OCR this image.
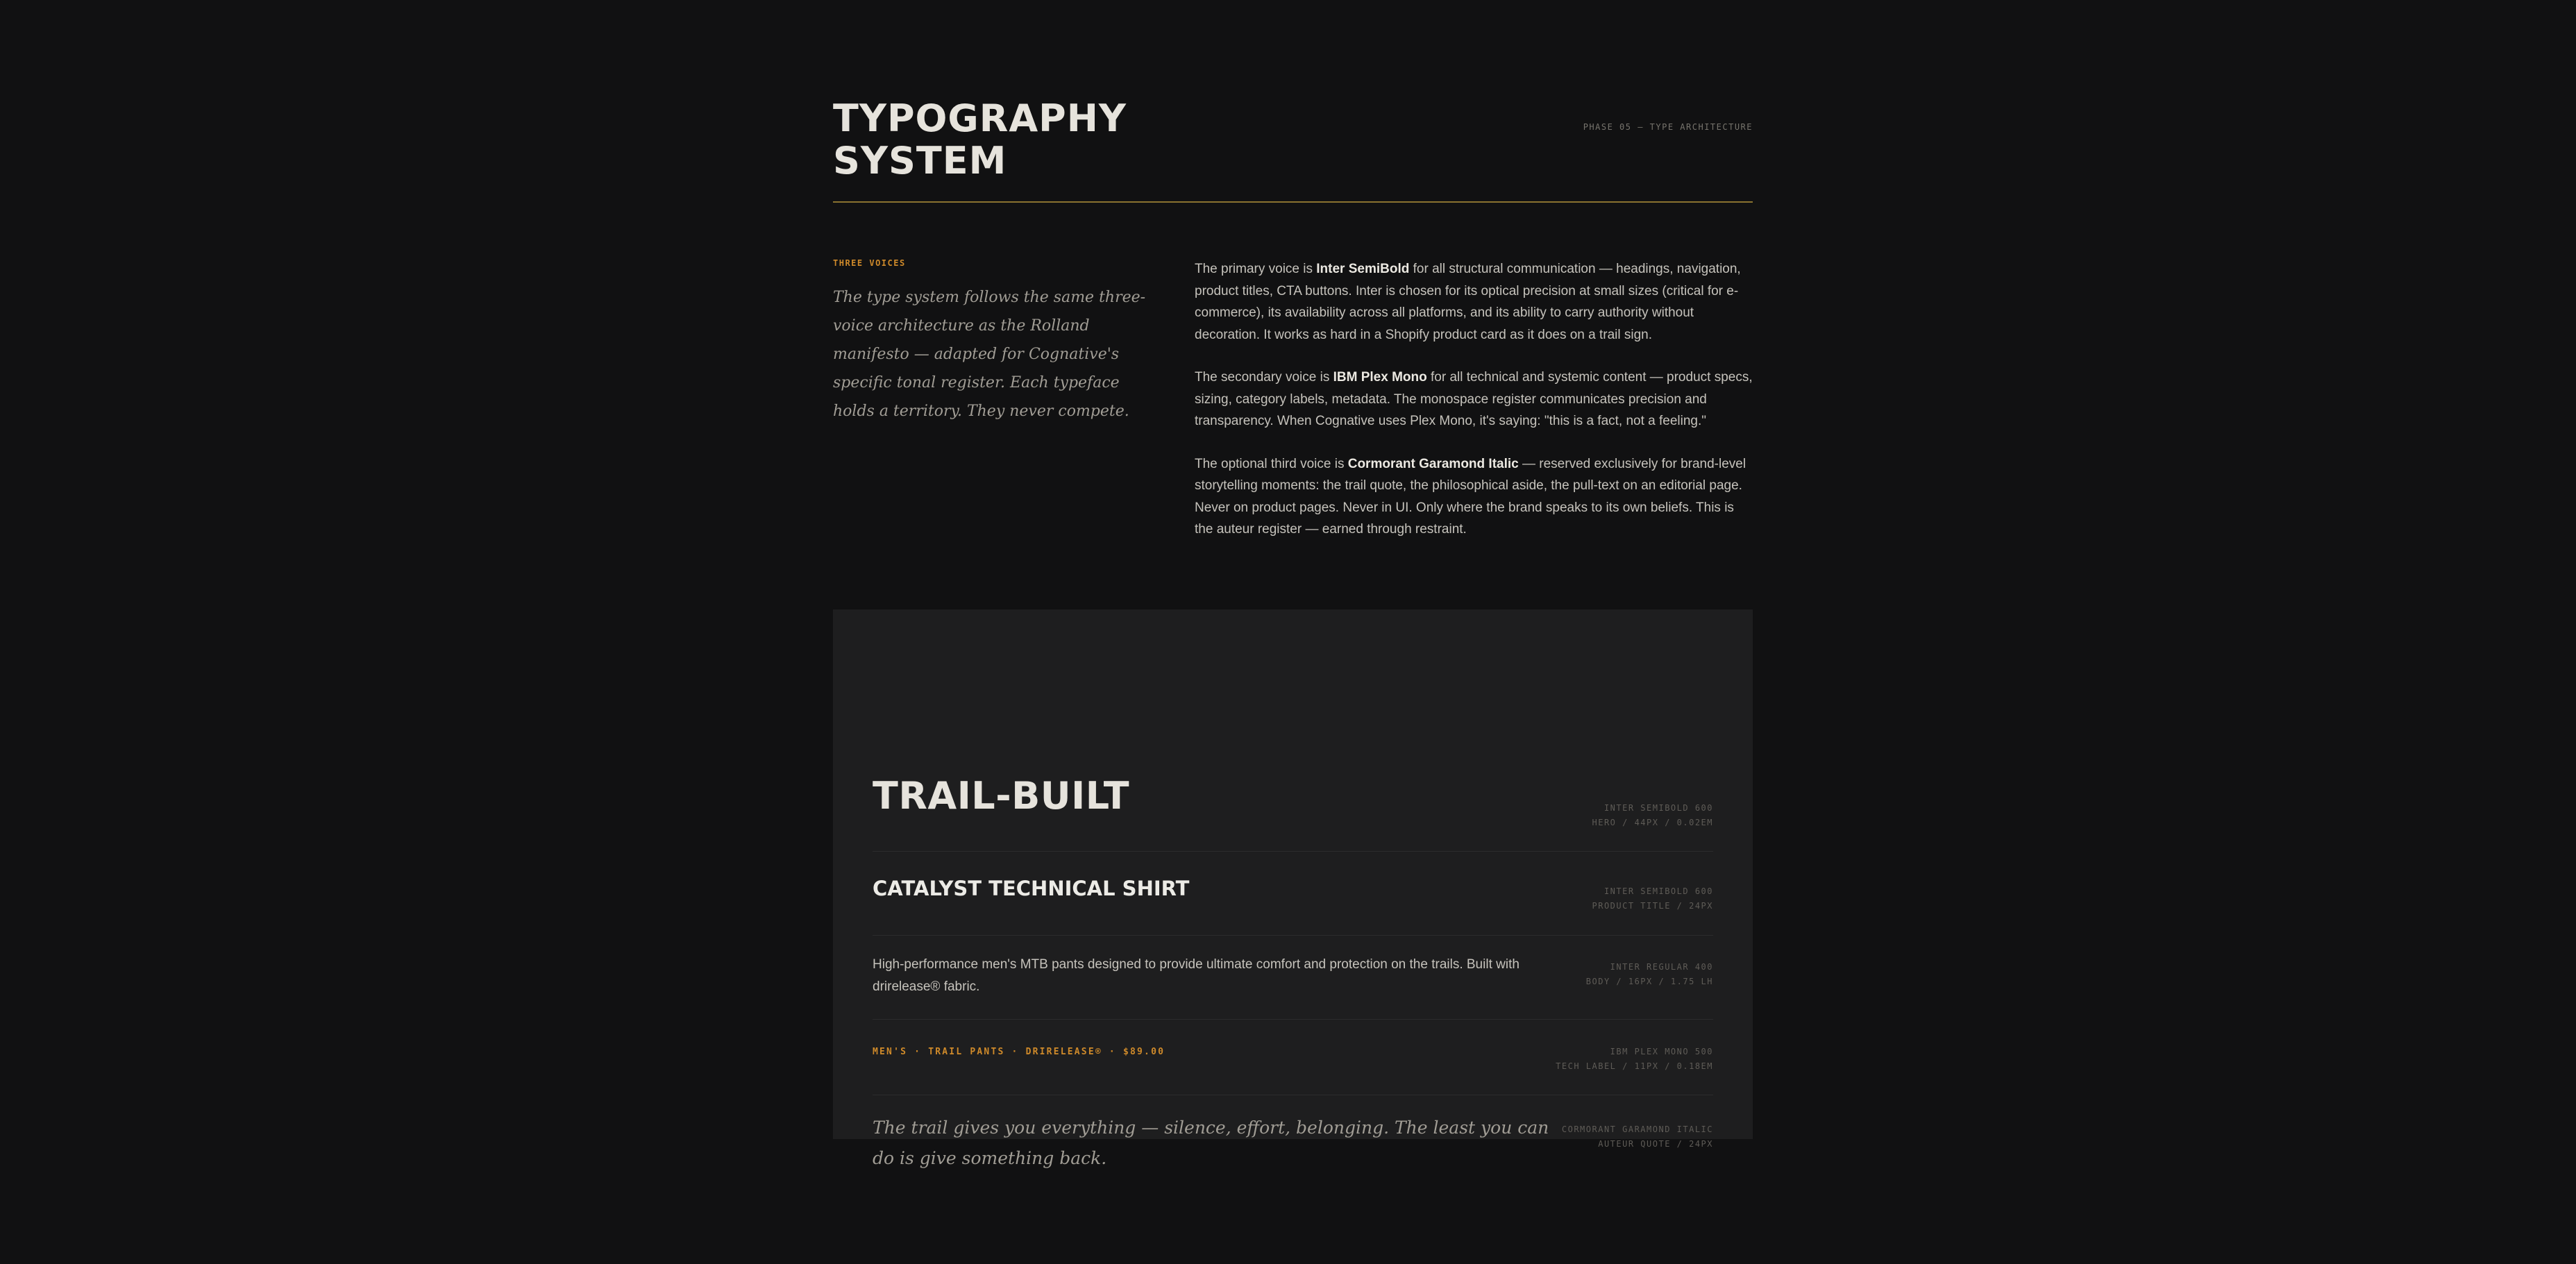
TYPOGRAPHY
SYSTEM
PHASE 05 — TYPE ARCHITECTURE
THREE VOICES

The type system follows the same three-voice architecture as the Rolland manifesto — adapted for Cognative's specific tonal register. Each typeface holds a territory. They never compete.

The primary voice is Inter SemiBold for all structural communication — headings, navigation, product titles, CTA buttons. Inter is chosen for its optical precision at small sizes (critical for e-commerce), its availability across all platforms, and its ability to carry authority without decoration. It works as hard in a Shopify product card as it does on a trail sign.

The secondary voice is IBM Plex Mono for all technical and systemic content — product specs, sizing, category labels, metadata. The monospace register communicates precision and transparency. When Cognative uses Plex Mono, it's saying: "this is a fact, not a feeling."

The optional third voice is Cormorant Garamond Italic — reserved exclusively for brand-level storytelling moments: the trail quote, the philosophical aside, the pull-text on an editorial page. Never on product pages. Never in UI. Only where the brand speaks to its own beliefs. This is the auteur register — earned through restraint.

TRAIL-BUILT	INTER SEMIBOLD 600
HERO / 44PX / 0.02EM
CATALYST TECHNICAL SHIRT	INTER SEMIBOLD 600
PRODUCT TITLE / 24PX
High-performance men's MTB pants designed to provide ultimate comfort and protection on the trails. Built with drirelease® fabric.
INTER REGULAR 400
BODY / 16PX / 1.75 LH
MEN'S · TRAIL PANTS · DRIRELEASE® · $89.00	IBM PLEX MONO 500
TECH LABEL / 11PX / 0.18EM
The trail gives you everything — silence, effort, belonging. The least you can do is give something back.
CORMORANT GARAMOND ITALIC
AUTEUR QUOTE / 24PX
